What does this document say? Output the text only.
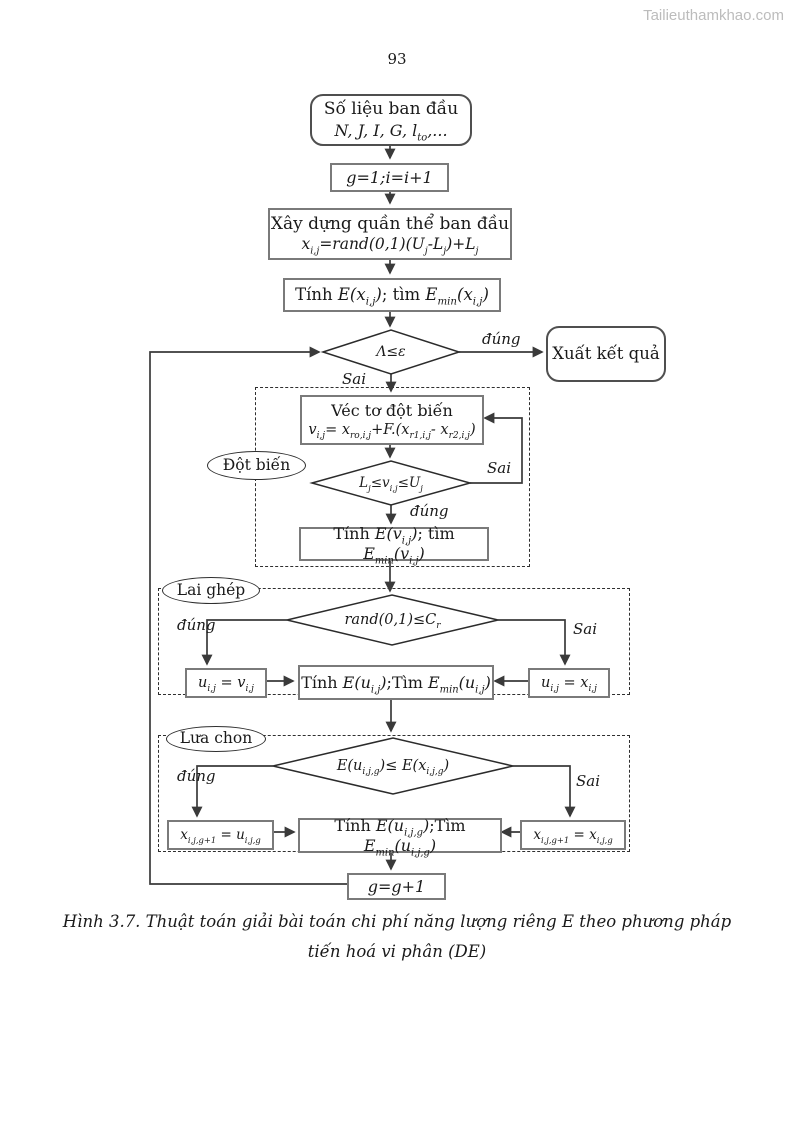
Tailieuthamkhao.com
93
Số liệu ban đầu
N, J, I, G, $l_{to}$,...
g=1;i=i+1
Xây dựng quần thể ban đầu
$x_{i,j}=rand(0,1)(U_j-L_j)+L_j$
Tính $E(x_{i,j})$; tìm $E_{min}(x_{i,j})$
Λ≤ε	Xuất kết quả
Đột biến
Véc tơ đột biến
$v_{i,j}= x_{ro,i,j}+F.(x_{r1,i,j}-$ $x_{r2,i,j}$)
$L_j\le v_{i,j}\le U_j$
Tính $E(v_{i,j})$; tìm $E_{min}(v_{i,j})$
Lai ghép
$rand(0,1)\le C_r$
$u_{i,j} = v_{i,j}$	Tính $E(u_{i,j});Tìm$ $E_{min}(u_{i,j})$	$u_{i,j} = x_{i,j}$
Lưa chon
$E(u_{i,j,g})\le E(x_{i,j,g})$
$x_{i,j,g+1} = u_{i,j,g}$
Tính $E(u_{i,j,g});Tìm$ $E_{min}(u_{i,j,g})$
$x_{i,j,g+1} = x_{i,j,g}$
g=g+1
đúng
Sai
Sai
đúng
đúng	Sai
đúng	Sai
Hình 3.7. Thuật toán giải bài toán chi phí năng lượng riêng E theo phương pháp
tiến hoá vi phân (DE)
